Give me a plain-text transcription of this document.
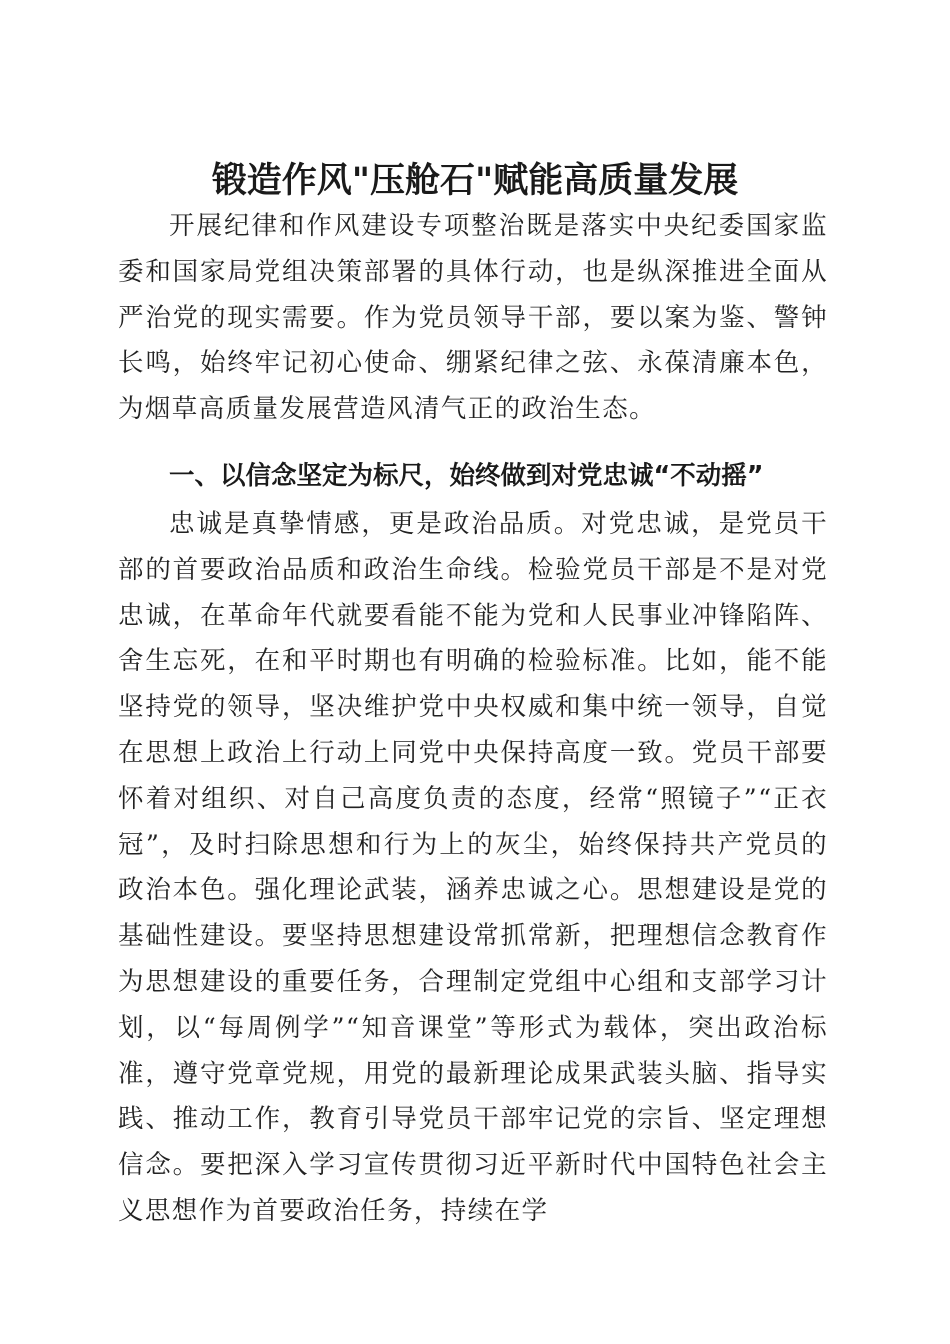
锻造作风"压舱石"赋能高质量发展

开展纪律和作风建设专项整治既是落实中央纪委国家监委和国家局党组决策部署的具体行动，也是纵深推进全面从严治党的现实需要。作为党员领导干部，要以案为鉴、警钟长鸣，始终牢记初心使命、绷紧纪律之弦、永葆清廉本色，为烟草高质量发展营造风清气正的政治生态。

一、以信念坚定为标尺，始终做到对党忠诚“不动摇”

忠诚是真挚情感，更是政治品质。对党忠诚，是党员干部的首要政治品质和政治生命线。检验党员干部是不是对党忠诚，在革命年代就要看能不能为党和人民事业冲锋陷阵、舍生忘死，在和平时期也有明确的检验标准。比如，能不能坚持党的领导，坚决维护党中央权威和集中统一领导，自觉在思想上政治上行动上同党中央保持高度一致。党员干部要怀着对组织、对自己高度负责的态度，经常“照镜子”“正衣冠”，及时扫除思想和行为上的灰尘，始终保持共产党员的政治本色。强化理论武装，涵养忠诚之心。思想建设是党的基础性建设。要坚持思想建设常抓常新，把理想信念教育作为思想建设的重要任务，合理制定党组中心组和支部学习计划，以“每周例学”“知音课堂”等形式为载体，突出政治标准，遵守党章党规，用党的最新理论成果武装头脑、指导实践、推动工作，教育引导党员干部牢记党的宗旨、坚定理想信念。要把深入学习宣传贯彻习近平新时代中国特色社会主义思想作为首要政治任务，持续在学
